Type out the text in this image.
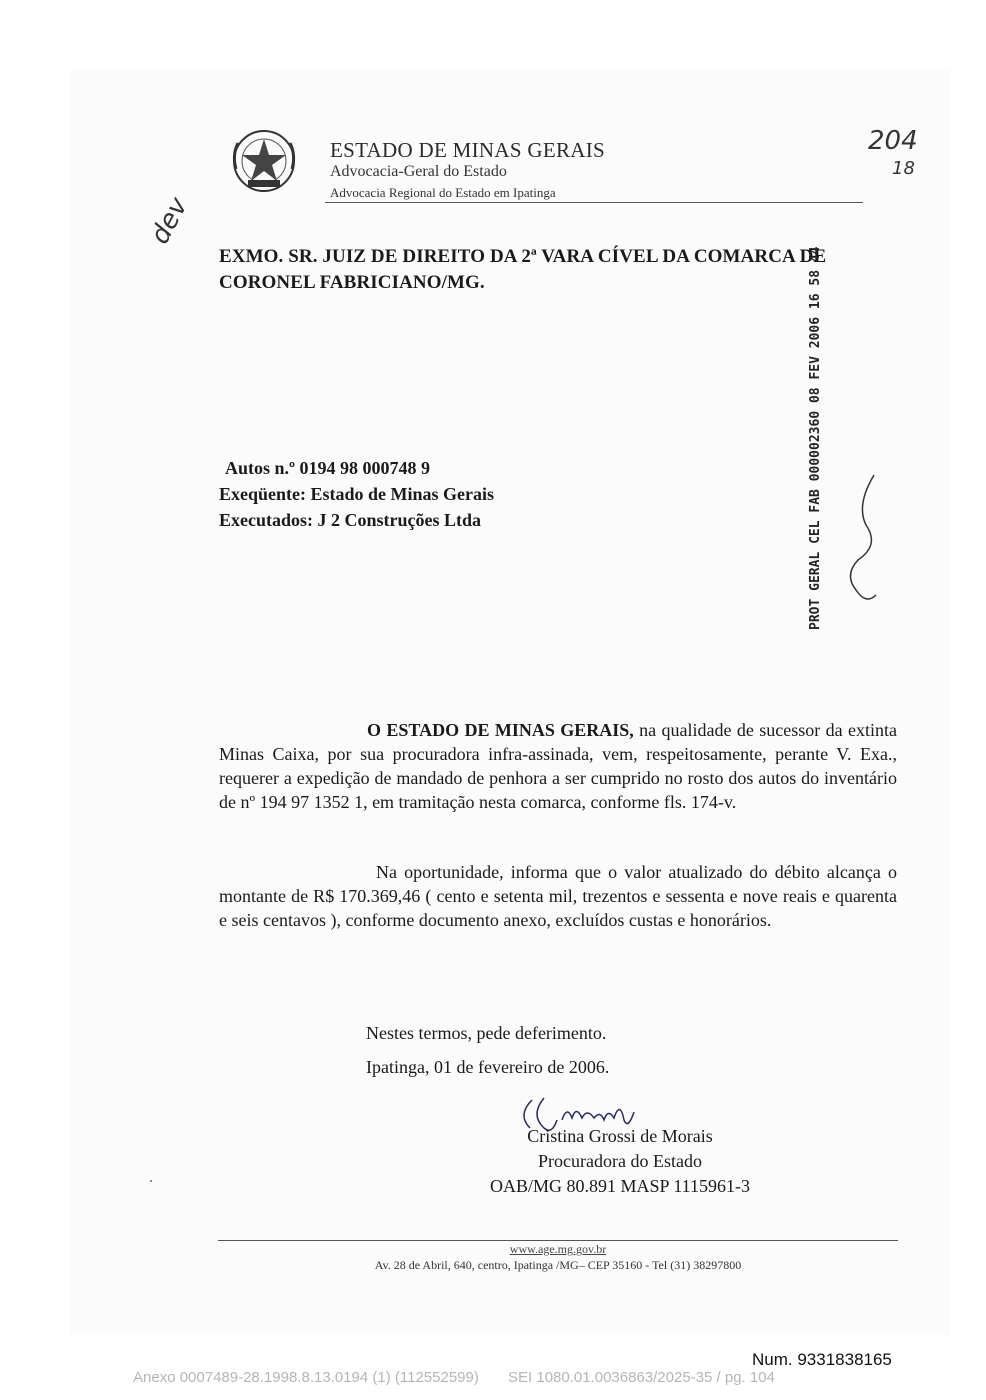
ESTADO DE MINAS GERAIS
Advocacia-Geral do Estado
Advocacia Regional do Estado em Ipatinga
204
18
dev
EXMO. SR. JUIZ DE DIREITO DA 2ª VARA CÍVEL DA COMARCA DE CORONEL FABRICIANO/MG.	PROT GERAL CEL FAB 000002360 08 FEV 2006 16 58 44
Autos n.º 0194 98 000748 9
Exeqüente: Estado de Minas Gerais
Executados: J 2 Construções Ltda
O ESTADO DE MINAS GERAIS, na qualidade de sucessor da extinta Minas Caixa, por sua procuradora infra-assinada, vem, respeitosamente, perante V. Exa., requerer a expedição de mandado de penhora a ser cumprido no rosto dos autos do inventário de nº 194 97 1352 1, em tramitação nesta comarca, conforme fls. 174-v.
Na oportunidade, informa que o valor atualizado do débito alcança o montante de R$ 170.369,46 ( cento e setenta mil, trezentos e sessenta e nove reais e quarenta e seis centavos ), conforme documento anexo, excluídos custas e honorários.
Nestes termos, pede deferimento.
Ipatinga, 01 de fevereiro de 2006.
Cristina Grossi de Morais
Procuradora do Estado
OAB/MG 80.891 MASP 1115961-3
www.age.mg.gov.br
Av. 28 de Abril, 640, centro, Ipatinga /MG– CEP 35160 - Tel (31) 38297800
Num. 9331838165
Anexo 0007489-28.1998.8.13.0194 (1) (112552599)       SEI 1080.01.0036863/2025-35 / pg. 104
